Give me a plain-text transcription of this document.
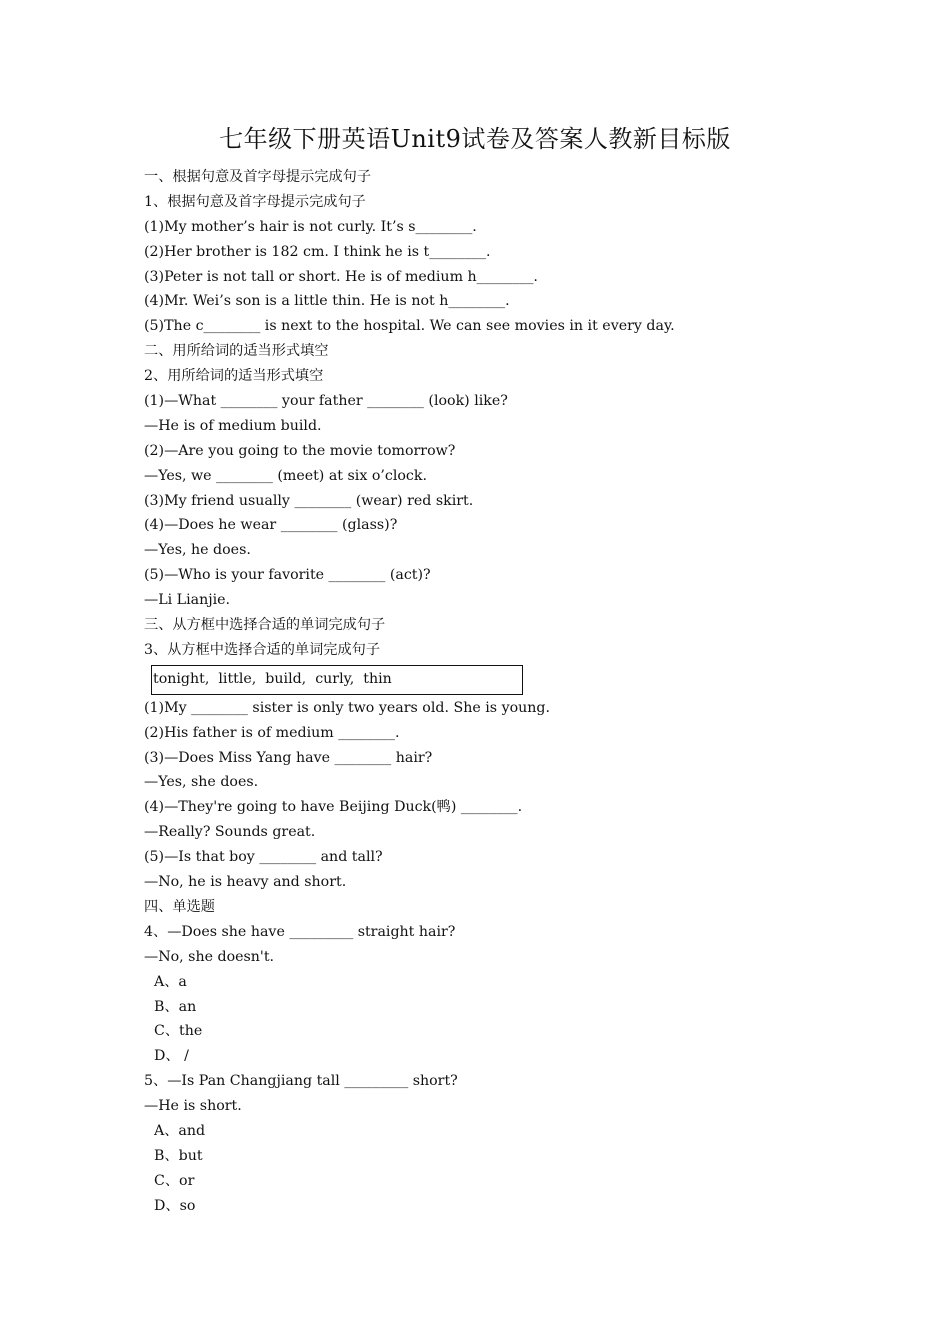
七年级下册英语Unit9试卷及答案人教新目标版
一、根据句意及首字母提示完成句子
1、根据句意及首字母提示完成句子
(1)My mother’s hair is not curly. It’s s________.
(2)Her brother is 182 cm. I think he is t________.
(3)Peter is not tall or short. He is of medium h________.
(4)Mr. Wei’s son is a little thin. He is not h________.
(5)The c________ is next to the hospital. We can see movies in it every day.
二、用所给词的适当形式填空
2、用所给词的适当形式填空
(1)—What ________ your father ________ (look) like?
—He is of medium build.
(2)—Are you going to the movie tomorrow?
—Yes, we ________ (meet) at six o’clock.
(3)My friend usually ________ (wear) red skirt.
(4)—Does he wear ________ (glass)?
—Yes, he does.
(5)—Who is your favorite ________ (act)?
—Li Lianjie.
三、从方框中选择合适的单词完成句子
3、从方框中选择合适的单词完成句子
tonight,  little,  build,  curly,  thin
(1)My ________ sister is only two years old. She is young.
(2)His father is of medium ________.
(3)—Does Miss Yang have ________ hair?
—Yes, she does.
(4)—They're going to have Beijing Duck(鸭) ________.
—Really? Sounds great.
(5)—Is that boy ________ and tall?
—No, he is heavy and short.
四、单选题
4、—Does she have _________ straight hair?
—No, she doesn't.
A、a
B、an
C、the
D、 /
5、—Is Pan Changjiang tall _________ short?
—He is short.
A、and
B、but
C、or
D、so
